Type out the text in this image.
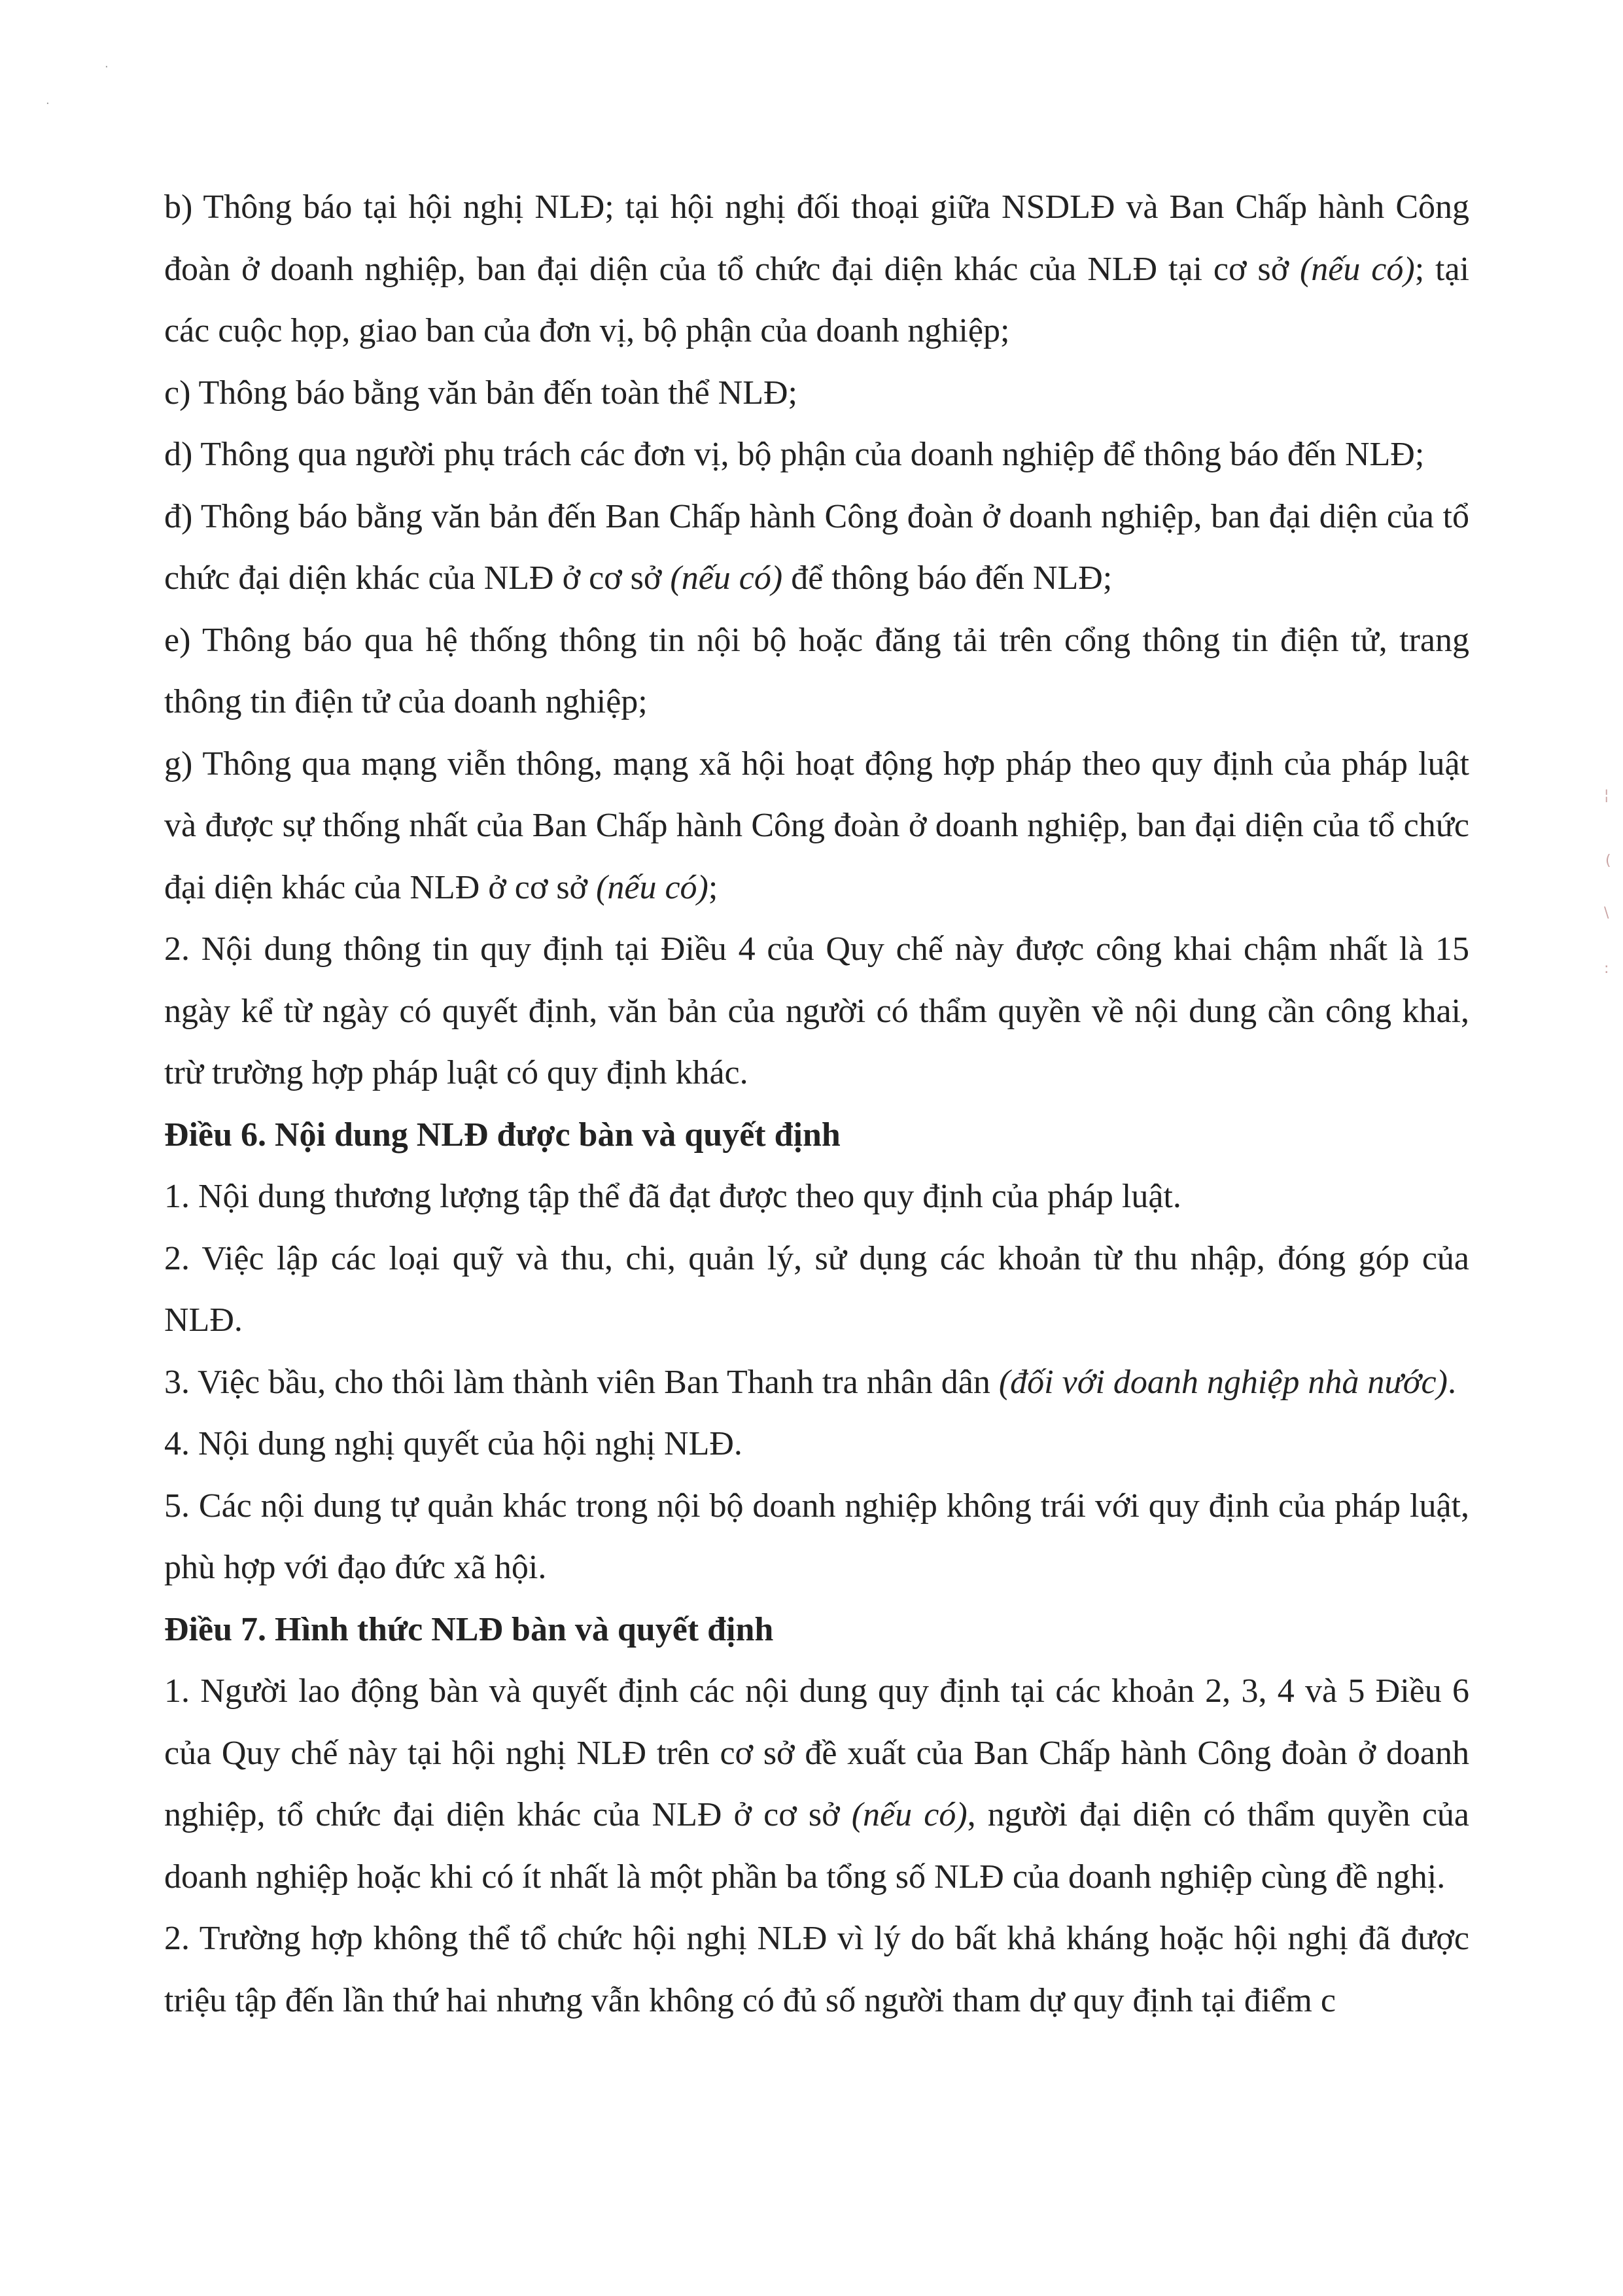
·
·
¦
(
\
:

b) Thông báo tại hội nghị NLĐ; tại hội nghị đối thoại giữa NSDLĐ và Ban Chấp hành Công đoàn ở doanh nghiệp, ban đại diện của tổ chức đại diện khác của NLĐ tại cơ sở (nếu có); tại các cuộc họp, giao ban của đơn vị, bộ phận của doanh nghiệp;

c) Thông báo bằng văn bản đến toàn thể NLĐ;

d) Thông qua người phụ trách các đơn vị, bộ phận của doanh nghiệp để thông báo đến NLĐ;

đ) Thông báo bằng văn bản đến Ban Chấp hành Công đoàn ở doanh nghiệp, ban đại diện của tổ chức đại diện khác của NLĐ ở cơ sở (nếu có) để thông báo đến NLĐ;

e) Thông báo qua hệ thống thông tin nội bộ hoặc đăng tải trên cổng thông tin điện tử, trang thông tin điện tử của doanh nghiệp;

g) Thông qua mạng viễn thông, mạng xã hội hoạt động hợp pháp theo quy định của pháp luật và được sự thống nhất của Ban Chấp hành Công đoàn ở doanh nghiệp, ban đại diện của tổ chức đại diện khác của NLĐ ở cơ sở (nếu có);

2. Nội dung thông tin quy định tại Điều 4 của Quy chế này được công khai chậm nhất là 15 ngày kể từ ngày có quyết định, văn bản của người có thẩm quyền về nội dung cần công khai, trừ trường hợp pháp luật có quy định khác.

Điều 6. Nội dung NLĐ được bàn và quyết định

1. Nội dung thương lượng tập thể đã đạt được theo quy định của pháp luật.

2. Việc lập các loại quỹ và thu, chi, quản lý, sử dụng các khoản từ thu nhập, đóng góp của NLĐ.

3. Việc bầu, cho thôi làm thành viên Ban Thanh tra nhân dân (đối với doanh nghiệp nhà nước).

4. Nội dung nghị quyết của hội nghị NLĐ.

5. Các nội dung tự quản khác trong nội bộ doanh nghiệp không trái với quy định của pháp luật, phù hợp với đạo đức xã hội.

Điều 7. Hình thức NLĐ bàn và quyết định

1. Người lao động bàn và quyết định các nội dung quy định tại các khoản 2, 3, 4 và 5 Điều 6 của Quy chế này tại hội nghị NLĐ trên cơ sở đề xuất của Ban Chấp hành Công đoàn ở doanh nghiệp, tổ chức đại diện khác của NLĐ ở cơ sở (nếu có), người đại diện có thẩm quyền của doanh nghiệp hoặc khi có ít nhất là một phần ba tổng số NLĐ của doanh nghiệp cùng đề nghị.

2. Trường hợp không thể tổ chức hội nghị NLĐ vì lý do bất khả kháng hoặc hội nghị đã được triệu tập đến lần thứ hai nhưng vẫn không có đủ số người tham dự quy định tại điểm c
